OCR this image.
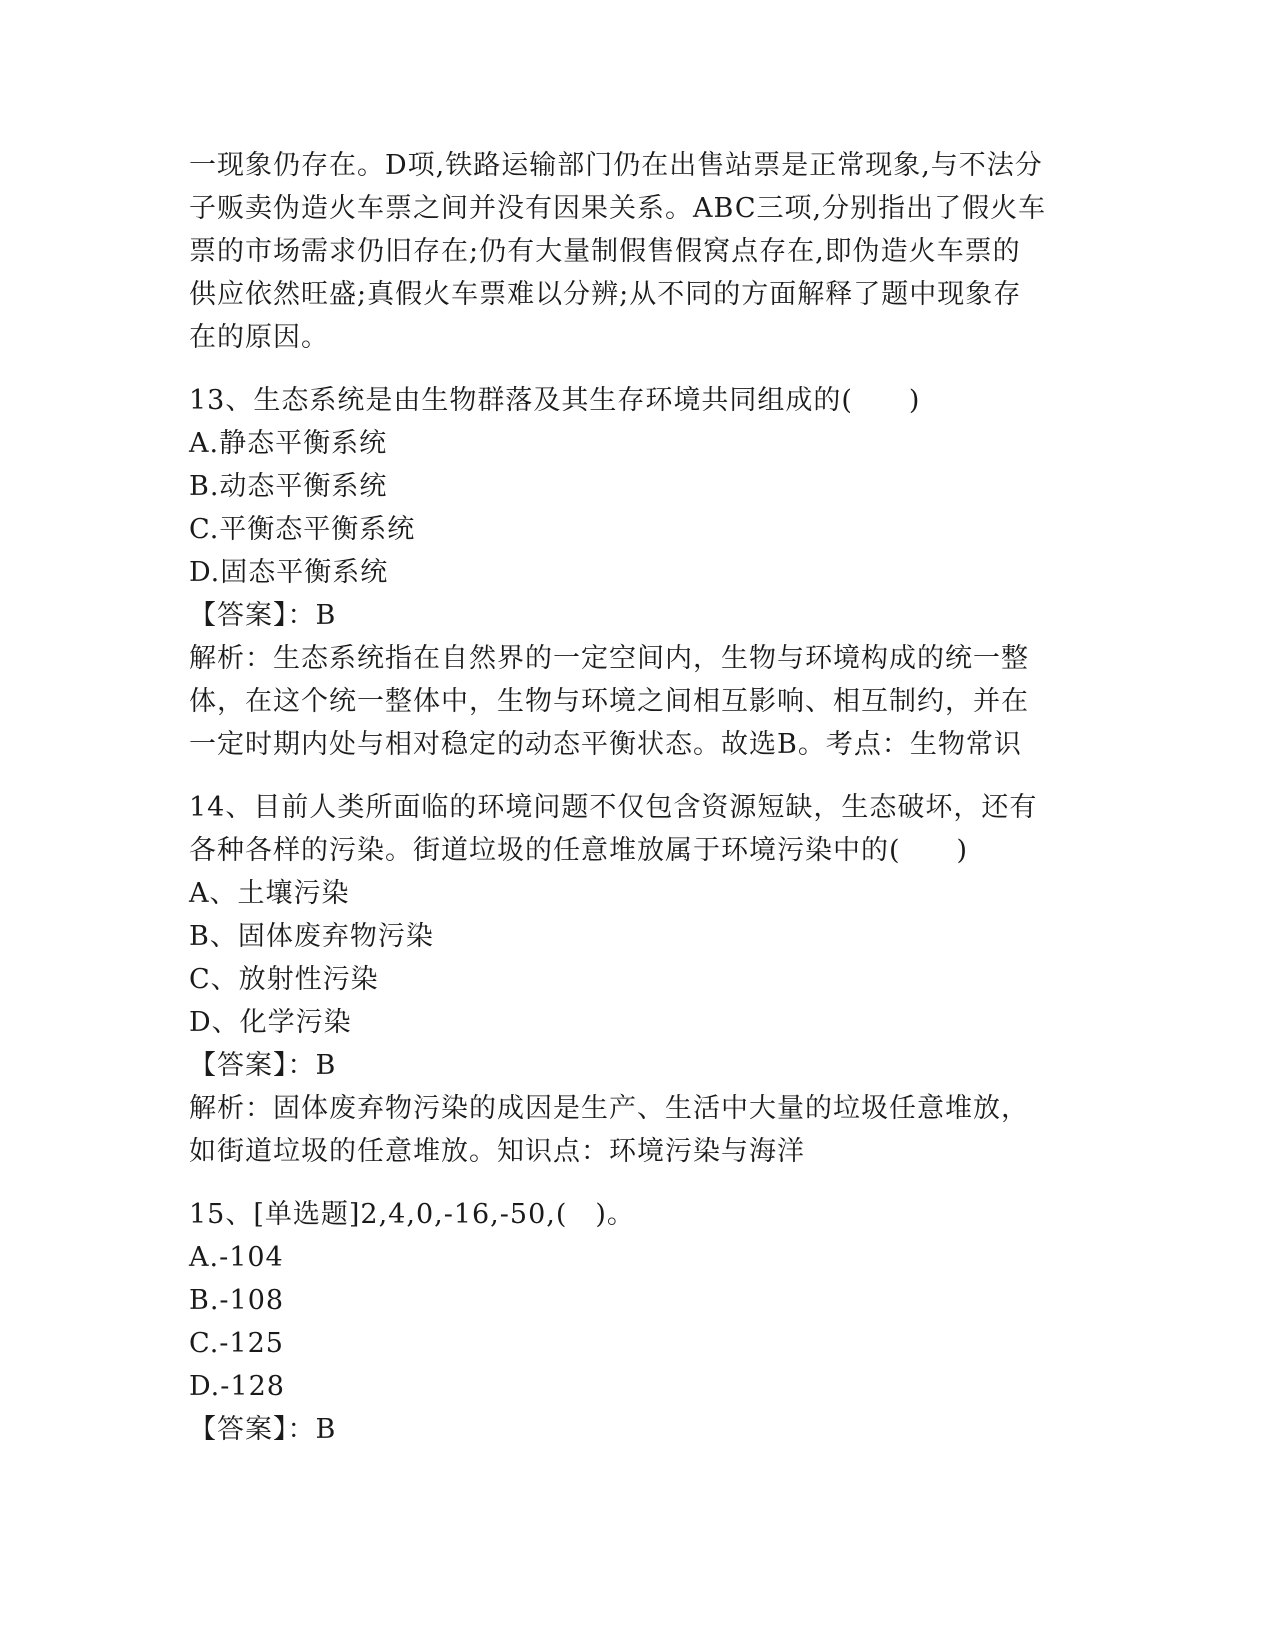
一现象仍存在。D项,铁路运输部门仍在出售站票是正常现象,与不法分
子贩卖伪造火车票之间并没有因果关系。ABC三项,分别指出了假火车
票的市场需求仍旧存在;仍有大量制假售假窝点存在,即伪造火车票的
供应依然旺盛;真假火车票难以分辨;从不同的方面解释了题中现象存
在的原因。
13、生态系统是由生物群落及其生存环境共同组成的(　　)
A.静态平衡系统
B.动态平衡系统
C.平衡态平衡系统
D.固态平衡系统
【答案】：B
解析：生态系统指在自然界的一定空间内，生物与环境构成的统一整
体，在这个统一整体中，生物与环境之间相互影响、相互制约，并在
一定时期内处与相对稳定的动态平衡状态。故选B。考点：生物常识
14、目前人类所面临的环境问题不仅包含资源短缺，生态破坏，还有
各种各样的污染。街道垃圾的任意堆放属于环境污染中的(　　)
A、土壤污染
B、固体废弃物污染
C、放射性污染
D、化学污染
【答案】：B
解析：固体废弃物污染的成因是生产、生活中大量的垃圾任意堆放，
如街道垃圾的任意堆放。知识点：环境污染与海洋
15、[单选题]2,4,0,-16,-50,(　)。
A.-104
B.-108
C.-125
D.-128
【答案】：B
